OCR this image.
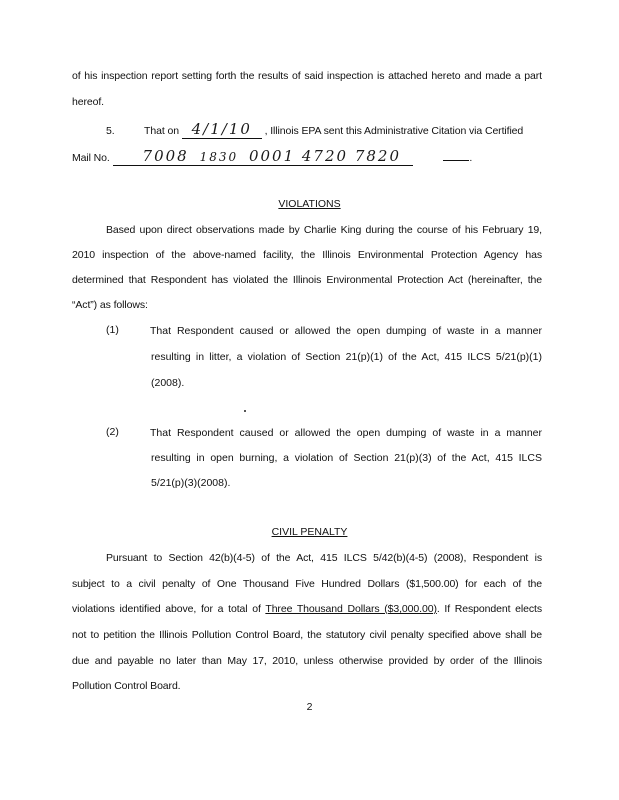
of his inspection report setting forth the results of said inspection is attached hereto and made a part
hereof.
5.	That on 4/1/10 , Illinois EPA sent this Administrative Citation via Certified
Mail No. 7008 1830 0001 4720 7820	.
VIOLATIONS
Based upon direct observations made by Charlie King during the course of his February 19,
2010 inspection of the above-named facility, the Illinois Environmental Protection Agency has
determined that Respondent has violated the Illinois Environmental Protection Act (hereinafter, the
“Act”) as follows:
(1)	That Respondent caused or allowed the open dumping of waste in a manner
resulting in litter, a violation of Section 21(p)(1) of the Act, 415 ILCS 5/21(p)(1)
(2008).
(2)	That Respondent caused or allowed the open dumping of waste in a manner
resulting in open burning, a violation of Section 21(p)(3) of the Act, 415 ILCS
5/21(p)(3)(2008).
CIVIL PENALTY
Pursuant to Section 42(b)(4-5) of the Act, 415 ILCS 5/42(b)(4-5) (2008), Respondent is
subject to a civil penalty of One Thousand Five Hundred Dollars ($1,500.00) for each of the
violations identified above, for a total of Three Thousand Dollars ($3,000.00). If Respondent elects
not to petition the Illinois Pollution Control Board, the statutory civil penalty specified above shall be
due and payable no later than May 17, 2010, unless otherwise provided by order of the Illinois
Pollution Control Board.
2
